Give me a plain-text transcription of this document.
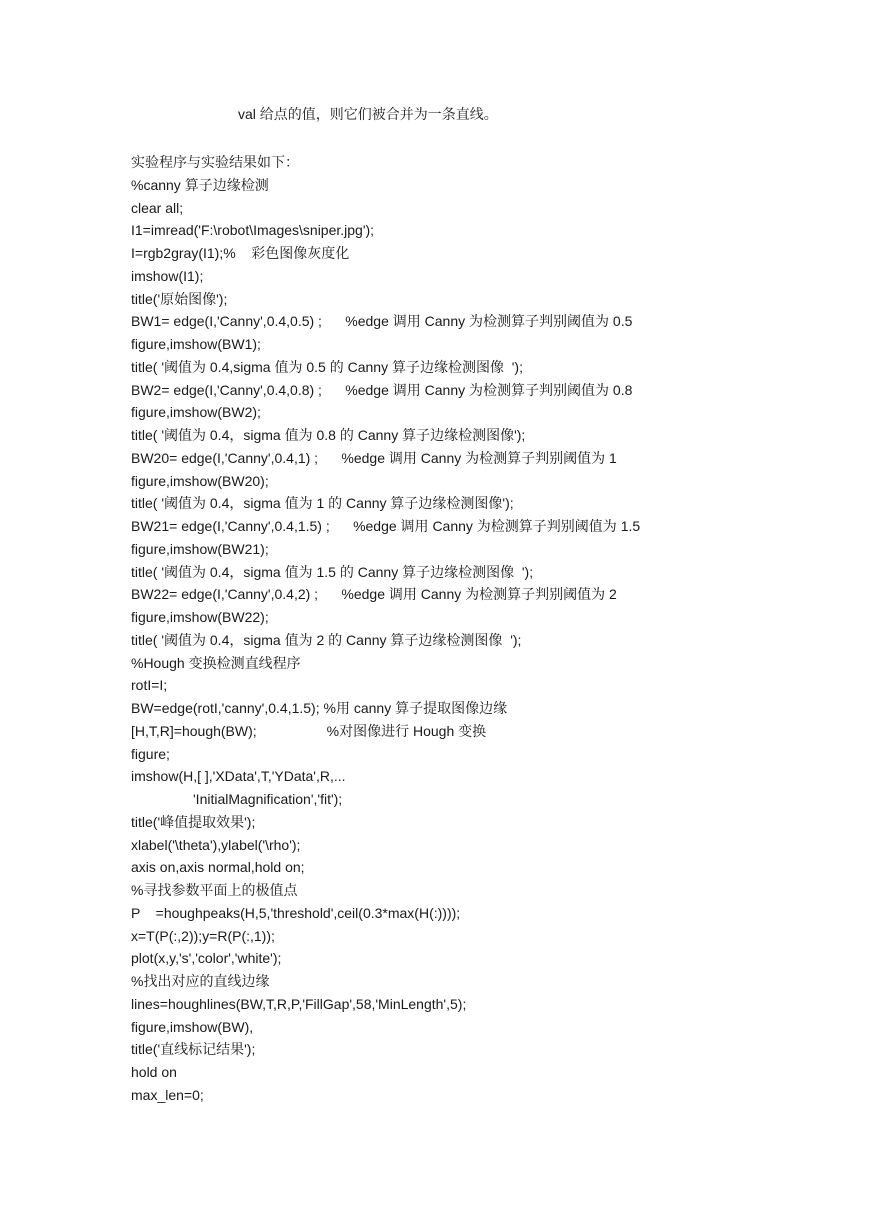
val 给点的值，则它们被合并为一条直线。
实验程序与实验结果如下：
%canny 算子边缘检测
clear all;
I1=imread('F:\robot\Images\sniper.jpg');
I=rgb2gray(I1);%    彩色图像灰度化
imshow(I1);
title('原始图像');
BW1= edge(I,'Canny',0.4,0.5) ;      %edge 调用 Canny 为检测算子判别阈值为 0.5
figure,imshow(BW1);
title( '阈值为 0.4,sigma 值为 0.5 的 Canny 算子边缘检测图像  ');
BW2= edge(I,'Canny',0.4,0.8) ;      %edge 调用 Canny 为检测算子判别阈值为 0.8
figure,imshow(BW2);
title( '阈值为 0.4，sigma 值为 0.8 的 Canny 算子边缘检测图像');
BW20= edge(I,'Canny',0.4,1) ;      %edge 调用 Canny 为检测算子判别阈值为 1
figure,imshow(BW20);
title( '阈值为 0.4，sigma 值为 1 的 Canny 算子边缘检测图像');
BW21= edge(I,'Canny',0.4,1.5) ;      %edge 调用 Canny 为检测算子判别阈值为 1.5
figure,imshow(BW21);
title( '阈值为 0.4，sigma 值为 1.5 的 Canny 算子边缘检测图像  ');
BW22= edge(I,'Canny',0.4,2) ;      %edge 调用 Canny 为检测算子判别阈值为 2
figure,imshow(BW22);
title( '阈值为 0.4，sigma 值为 2 的 Canny 算子边缘检测图像  ');
%Hough 变换检测直线程序
rotI=I;
BW=edge(rotI,'canny',0.4,1.5); %用 canny 算子提取图像边缘
[H,T,R]=hough(BW);                  %对图像进行 Hough 变换
figure;
imshow(H,[ ],'XData',T,'YData',R,...
'InitialMagnification','fit');
title('峰值提取效果');
xlabel('\theta'),ylabel('\rho');
axis on,axis normal,hold on;
%寻找参数平面上的极值点
P    =houghpeaks(H,5,'threshold',ceil(0.3*max(H(:))));
x=T(P(:,2));y=R(P(:,1));
plot(x,y,'s','color','white');
%找出对应的直线边缘
lines=houghlines(BW,T,R,P,'FillGap',58,'MinLength',5);
figure,imshow(BW),
title('直线标记结果');
hold on
max_len=0;
